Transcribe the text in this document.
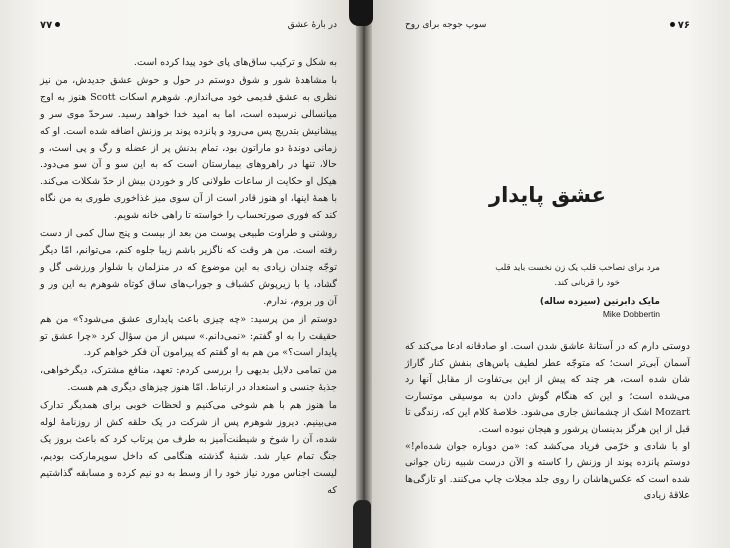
در بارهٔ عشق
۷۷

به شکل و ترکیب ساق‌های پای خود پیدا کرده است.

با مشاهدهٔ شور و شوق دوستم در حول و حوش عشق جدیدش، من نیز نظری به عشق قدیمی خود می‌اندازم. شوهرم اسکات Scott هنوز به اوج میانسالی نرسیده است، اما به امید خدا خواهد رسید. سرحدّ موی سر و پیشانیش بتدریج پس می‌رود و پانزده پوند بر وزنش اضافه شده است. او که زمانی دوندهٔ دو ماراتون بود، تمام بدنش پر از عضله و رگ و پی است، و حالا، تنها در راهروهای بیمارستان است که به این سو و آن سو می‌دود. هیکل او حکایت از ساعات طولانی کار و خوردن بیش از حدّ شکلات می‌کند. با همهٔ اینها، او هنوز قادر است از آن سوی میز غذاخوری طوری به من نگاه کند که فوری صورتحساب را خواسته تا راهی خانه شویم.

روشنی و طراوت طبیعی پوست من بعد از بیست و پنج سال کمی از دست رفته است. من هر وقت که ناگزیر باشم زیبا جلوه کنم، می‌توانم، امّا دیگر توجّه چندان زیادی به این موضوع که در منزلمان با شلوار ورزشی گل و گشاد، یا با زیرپوش کشباف و جوراب‌های ساق کوتاه شوهرم به این ور و آن ور بروم، ندارم.

دوستم از من پرسید: «چه چیزی باعث پایداری عشق می‌شود؟» من هم حقیقت را به او گفتم: «نمی‌دانم.» سپس از من سؤال کرد «چرا عشق تو پایدار است؟» من هم به او گفتم که پیرامون آن فکر خواهم کرد.

من تمامی دلایل بدیهی را بررسی کردم: تعهد، منافع مشترک، دیگرخواهی، جذبهٔ جنسی و استعداد در ارتباط. امّا هنوز چیزهای دیگری هم هست.

ما هنوز هم با هم شوخی می‌کنیم و لحظات خوبی برای همدیگر تدارک می‌بینیم. دیروز شوهرم پس از شرکت در یک حلقه کش از روزنامهٔ لوله شده، آن را شوخ و شیطنت‌آمیز به طرف من پرتاب کرد که باعث بروز یک جنگ تمام عیار شد. شنبهٔ گذشته هنگامی که داخل سوپرمارکت بودیم، لیست اجناس مورد نیاز خود را از وسط به دو نیم کرده و مسابقه گذاشتیم که

۷۶
سوپ جوجه برای روح
عشق پایدار
مرد برای تصاحب قلب یک زن نخست باید قلب
خود را قربانی کند.
مایک دابرتین (سیزده ساله)
Mike Dobbertin

دوستی دارم که در آستانهٔ عاشق شدن است. او صادقانه ادعا می‌کند که آسمان آبی‌تر است؛ که متوجّه عطر لطیف یاس‌های بنفش کنار گاراژ شان شده است، هر چند که پیش از این بی‌تفاوت از مقابل آنها رد می‌شده است؛ و این که هنگام گوش دادن به موسیقی موتسارت Mozart اشک از چشمانش جاری می‌شود. خلاصهٔ کلام این که، زندگی تا قبل از این هرگز بدینسان پرشور و هیجان نبوده است.

او با شادی و خرّمی فریاد می‌کشد که: «من دوباره جوان شده‌ام!» دوستم پانزده پوند از وزنش را کاسته و الآن درست شبیه زنان جوانی شده است که عکس‌هاشان را روی جلد مجلات چاپ می‌کنند. او تازگی‌ها علاقهٔ زیادی
